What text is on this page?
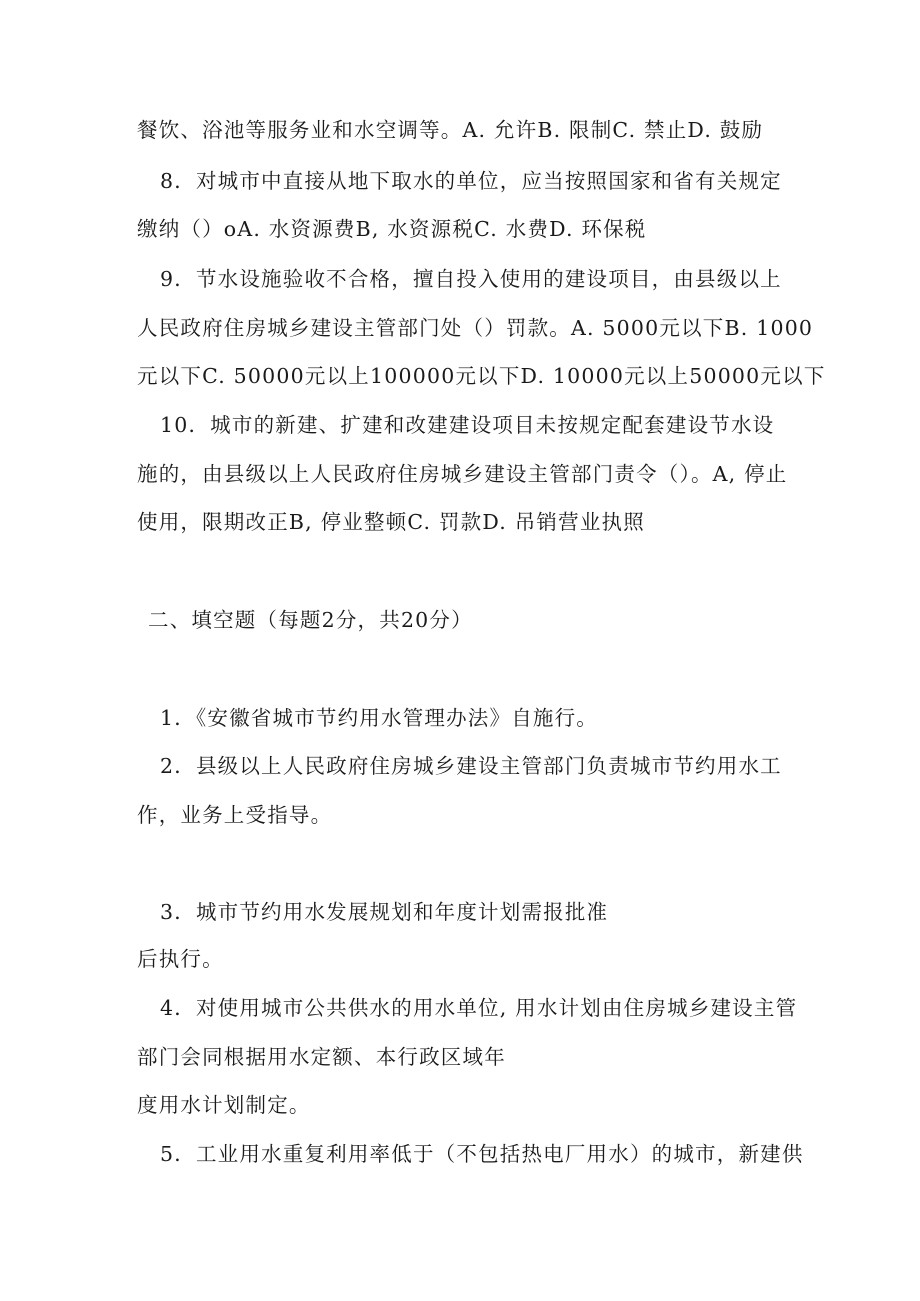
餐饮、浴池等服务业和水空调等。A. 允许B. 限制C. 禁止D. 鼓励
8．对城市中直接从地下取水的单位，应当按照国家和省有关规定
缴纳（）oA. 水资源费B, 水资源税C. 水费D. 环保税
9．节水设施验收不合格，擅自投入使用的建设项目，由县级以上
人民政府住房城乡建设主管部门处（）罚款。A. 5000元以下B. 1000
元以下C. 50000元以上100000元以下D. 10000元以上50000元以下
10．城市的新建、扩建和改建建设项目未按规定配套建设节水设
施的，由县级以上人民政府住房城乡建设主管部门责令（）。A, 停止
使用，限期改正B, 停业整顿C. 罚款D. 吊销营业执照
二、填空题（每题2分，共20分）
1．《安徽省城市节约用水管理办法》自施行。
2．县级以上人民政府住房城乡建设主管部门负责城市节约用水工
作，业务上受指导。
3．城市节约用水发展规划和年度计划需报批准
后执行。
4．对使用城市公共供水的用水单位, 用水计划由住房城乡建设主管
部门会同根据用水定额、本行政区域年
度用水计划制定。
5．工业用水重复利用率低于（不包括热电厂用水）的城市，新建供
